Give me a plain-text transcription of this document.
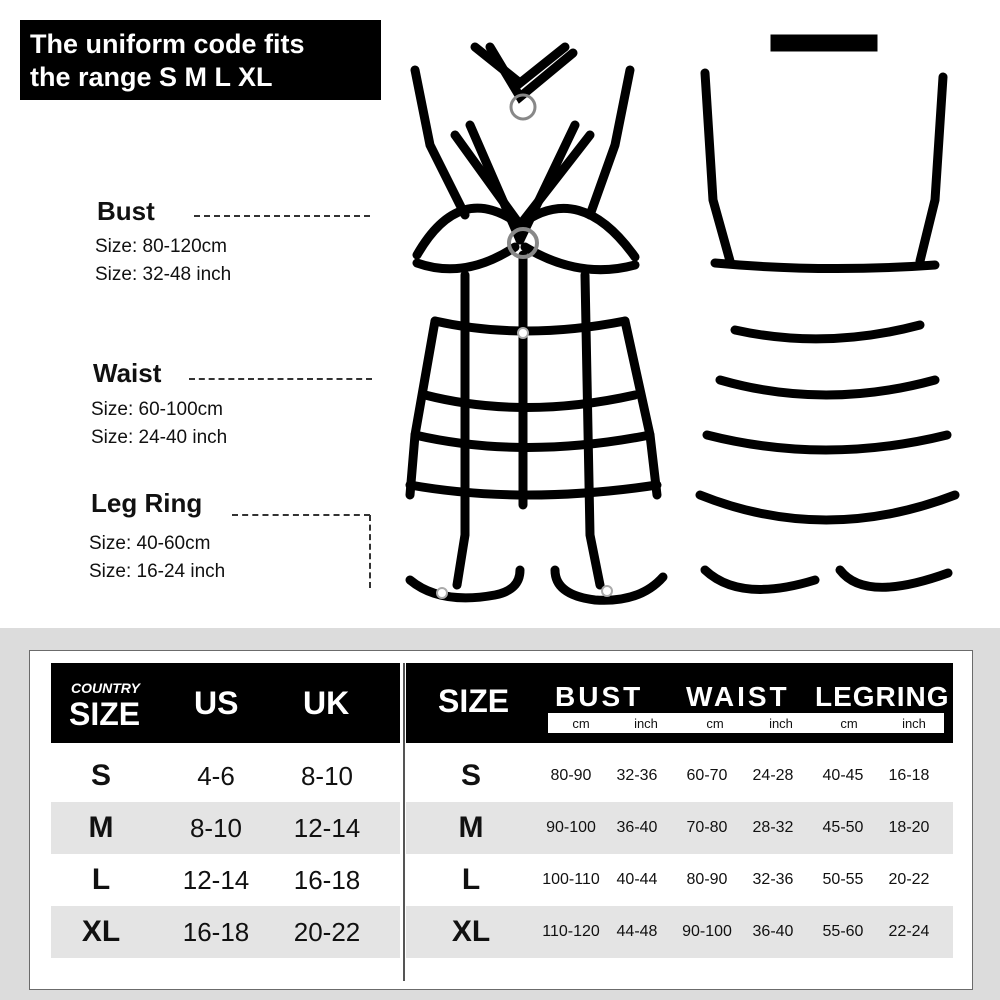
The uniform code fits
the range S M L XL
Bust
Size: 80-120cm
Size: 32-48 inch
Waist
Size: 60-100cm
Size: 24-40 inch
Leg Ring
Size: 40-60cm
Size: 16-24 inch
COUNTRY
SIZE US UK	SIZE BUST WAIST LEGRING
cm	inch	cm	inch	cm	inch
S	4-6	8-10
M	8-10	12-14
L	12-14	16-18
XL	16-18	20-22
S	80-90	32-36	60-70	24-28	40-45	16-18
M	90-100	36-40	70-80	28-32	45-50	18-20
L	100-110	40-44	80-90	32-36	50-55	20-22
XL	110-120	44-48	90-100	36-40	55-60	22-24
